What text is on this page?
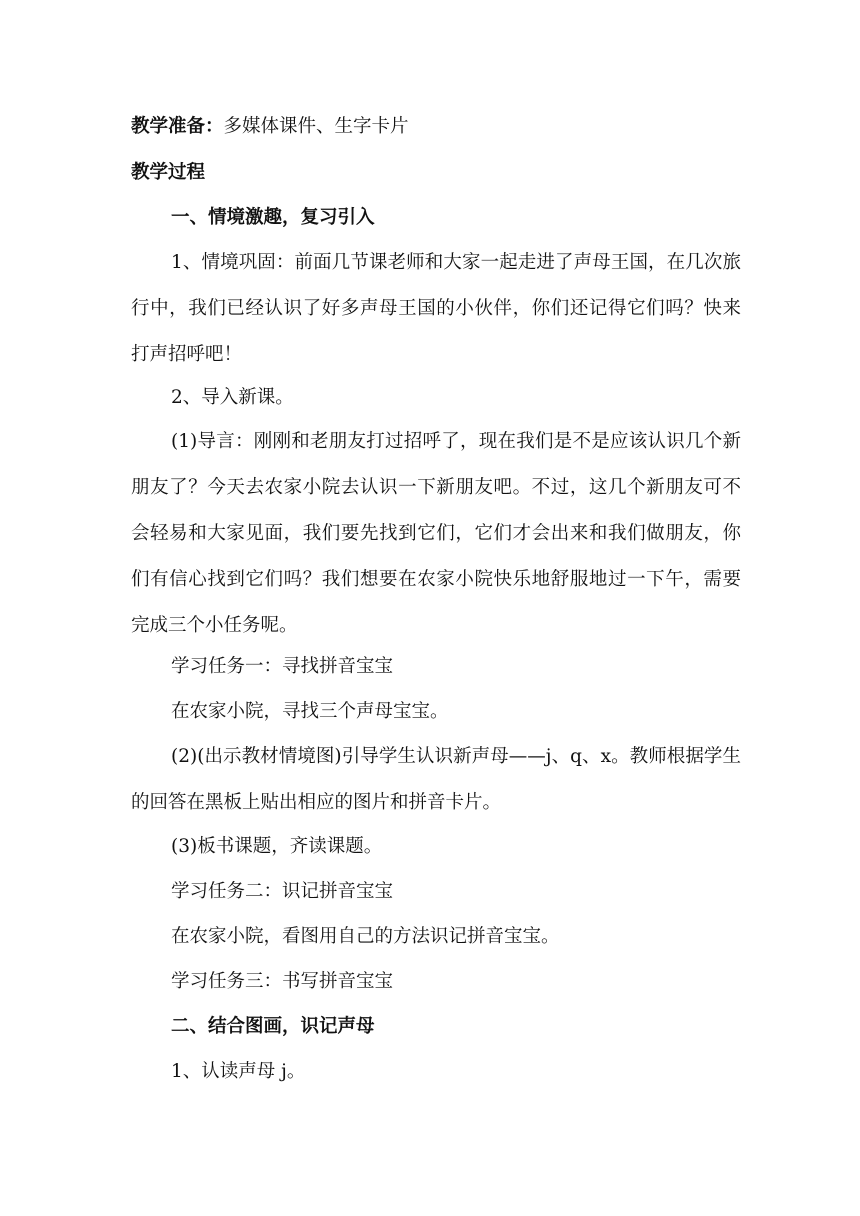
教学准备：多媒体课件、生字卡片
教学过程
一、情境激趣，复习引入
1、情境巩固：前面几节课老师和大家一起走进了声母王国，在几次旅行中，我们已经认识了好多声母王国的小伙伴，你们还记得它们吗？快来打声招呼吧！
2、导入新课。
(1)导言：刚刚和老朋友打过招呼了，现在我们是不是应该认识几个新朋友了？今天去农家小院去认识一下新朋友吧。不过，这几个新朋友可不会轻易和大家见面，我们要先找到它们，它们才会出来和我们做朋友，你们有信心找到它们吗？我们想要在农家小院快乐地舒服地过一下午，需要完成三个小任务呢。
学习任务一：寻找拼音宝宝
在农家小院，寻找三个声母宝宝。
(2)(出示教材情境图)引导学生认识新声母——j、q、x。教师根据学生的回答在黑板上贴出相应的图片和拼音卡片。
(3)板书课题，齐读课题。
学习任务二：识记拼音宝宝
在农家小院，看图用自己的方法识记拼音宝宝。
学习任务三：书写拼音宝宝
二、结合图画，识记声母
1、认读声母 j。
